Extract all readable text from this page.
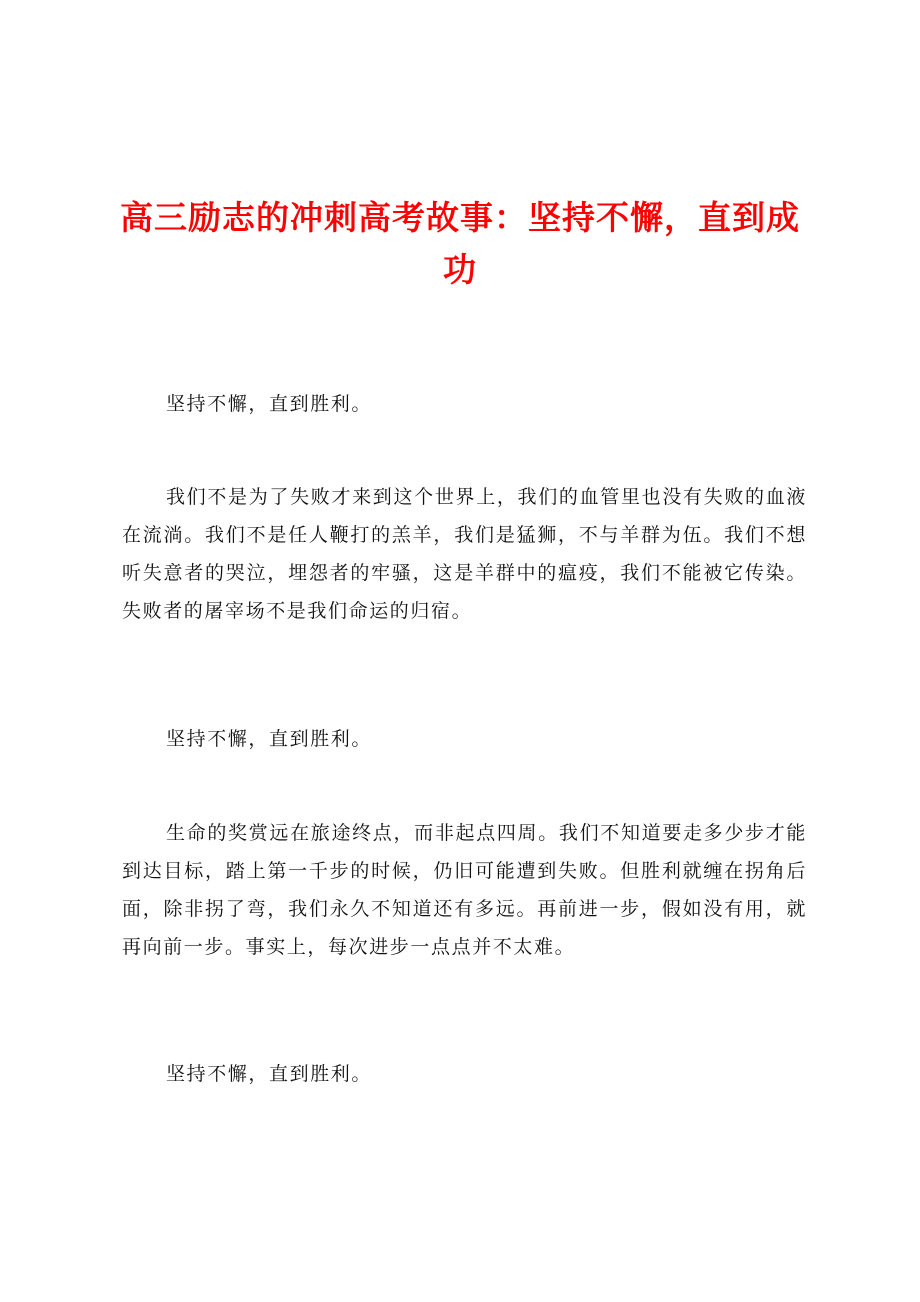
高三励志的冲刺高考故事：坚持不懈，直到成功

坚持不懈，直到胜利。

我们不是为了失败才来到这个世界上，我们的血管里也没有失败的血液在流淌。我们不是任人鞭打的羔羊，我们是猛狮，不与羊群为伍。我们不想听失意者的哭泣，埋怨者的牢骚，这是羊群中的瘟疫，我们不能被它传染。失败者的屠宰场不是我们命运的归宿。

坚持不懈，直到胜利。

生命的奖赏远在旅途终点，而非起点四周。我们不知道要走多少步才能到达目标，踏上第一千步的时候，仍旧可能遭到失败。但胜利就缠在拐角后面，除非拐了弯，我们永久不知道还有多远。再前进一步，假如没有用，就再向前一步。事实上，每次进步一点点并不太难。

坚持不懈，直到胜利。
